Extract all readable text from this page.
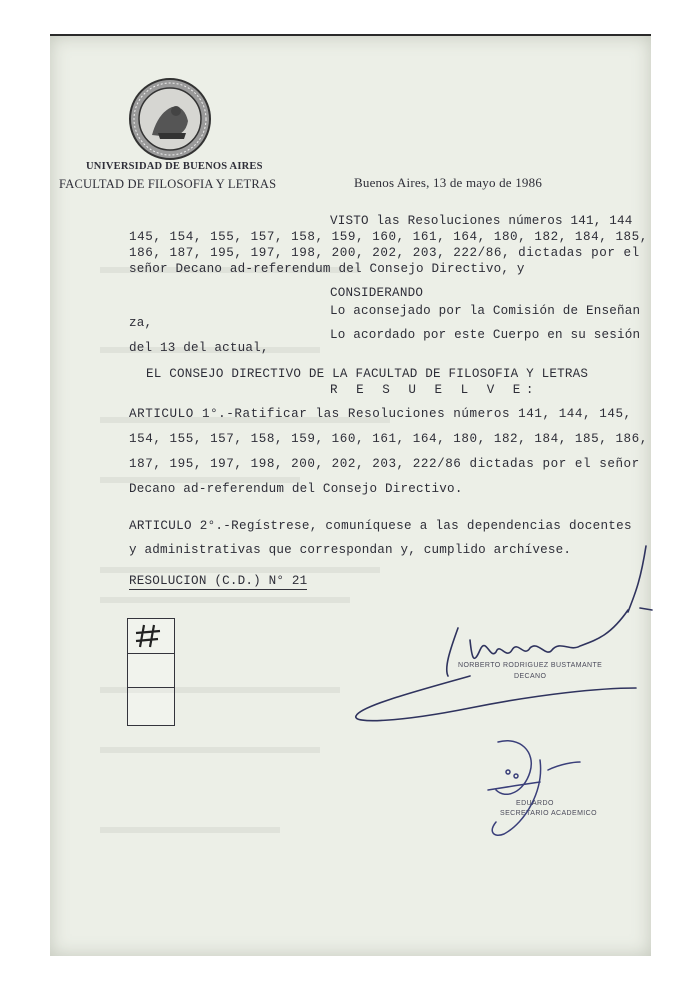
UNIVERSIDAD DE BUENOS AIRES
FACULTAD DE FILOSOFIA Y LETRAS	Buenos Aires, 13 de mayo de 1986
VISTO las Resoluciones números 141, 144
145, 154, 155, 157, 158, 159, 160, 161, 164, 180, 182, 184, 185,
186, 187, 195, 197, 198, 200, 202, 203, 222/86, dictadas por el
señor Decano ad-referendum del Consejo Directivo, y
CONSIDERANDO
Lo aconsejado por la Comisión de Enseñan
za,
Lo acordado por este Cuerpo en su sesión
del 13 del actual,
EL CONSEJO DIRECTIVO DE LA FACULTAD DE FILOSOFIA Y LETRAS
R E S U E L V E:
ARTICULO 1°.-Ratificar las Resoluciones números 141, 144, 145,
154, 155, 157, 158, 159, 160, 161, 164, 180, 182, 184, 185, 186,
187, 195, 197, 198, 200, 202, 203, 222/86 dictadas por el señor
Decano ad-referendum del Consejo Directivo.
ARTICULO 2°.-Regístrese, comuníquese a las dependencias docentes
y administrativas que correspondan y, cumplido archívese.
RESOLUCION (C.D.) N° 21
NORBERTO RODRIGUEZ BUSTAMANTE
DECANO
EDUARDO
SECRETARIO ACADEMICO
